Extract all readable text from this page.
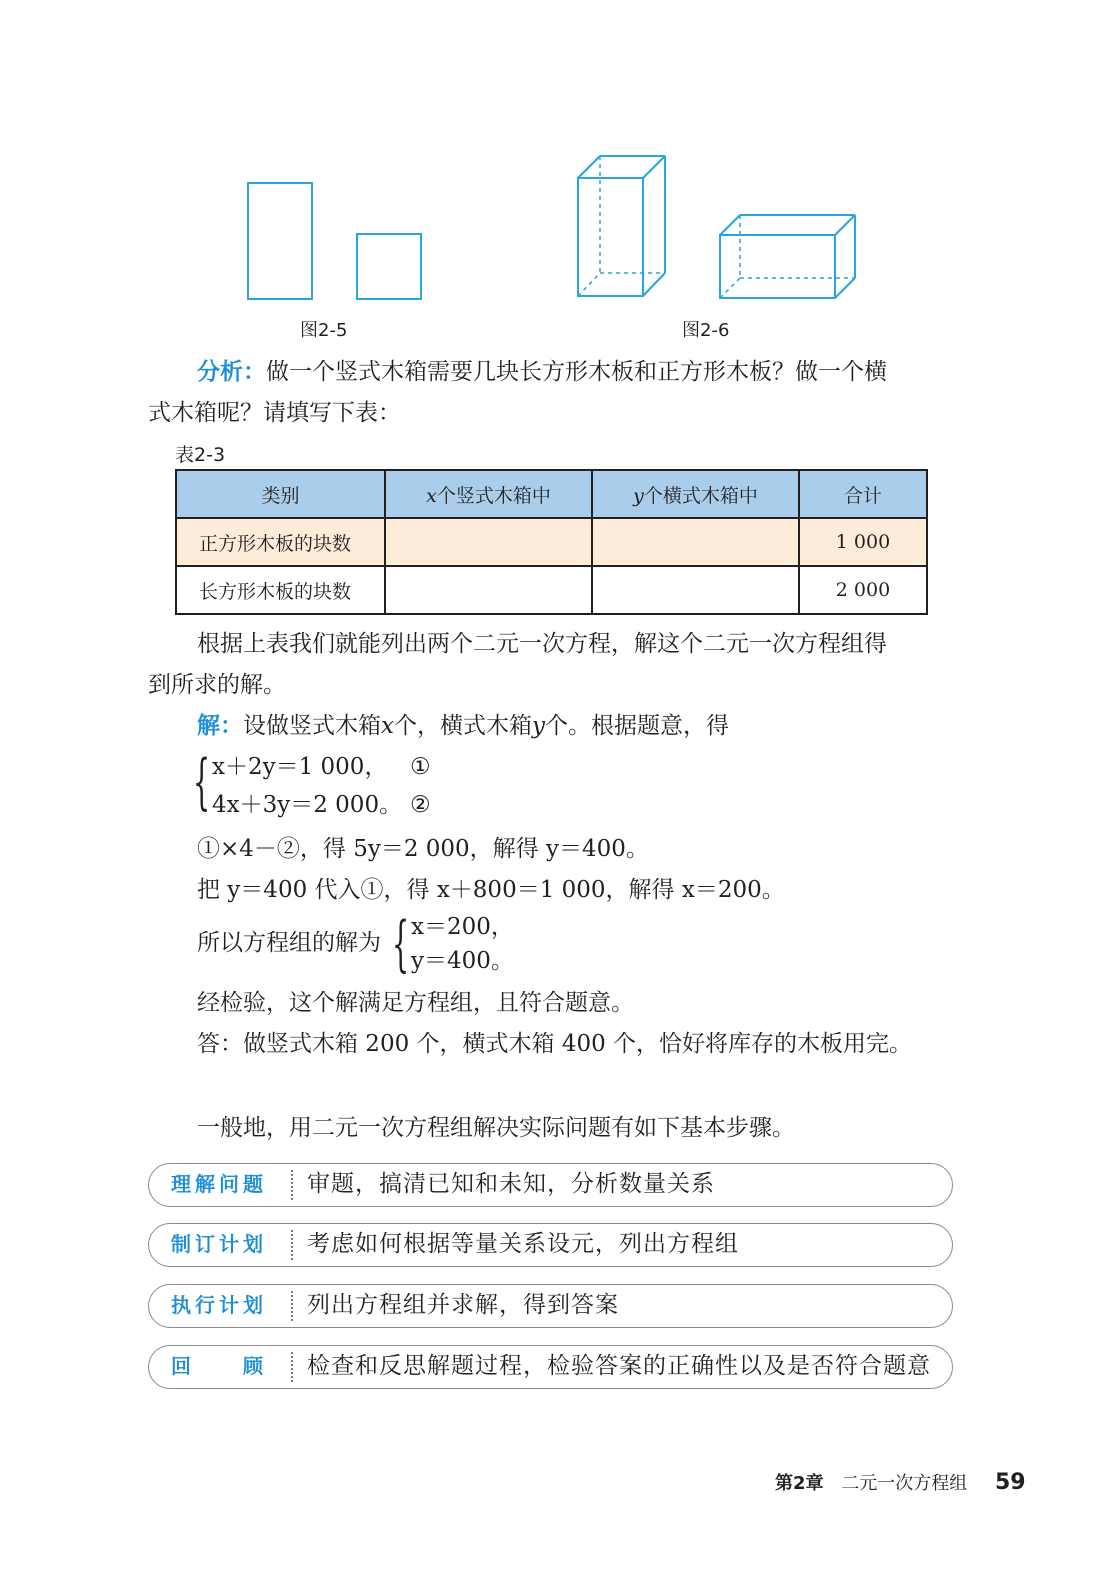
图2-5	图2-6
分析：做一个竖式木箱需要几块长方形木板和正方形木板？做一个横
式木箱呢？请填写下表：
表2-3
类别	x个竖式木箱中	y个横式木箱中	合计
正方形木板的块数			1 000
长方形木板的块数			2 000
根据上表我们就能列出两个二元一次方程，解这个二元一次方程组得
到所求的解。
解：设做竖式木箱x个，横式木箱y个。根据题意，得
{ x＋2y＝1 000， ①
4x＋3y＝2 000。 ②
①×4－②，得 5y＝2 000，解得 y＝400。
把 y＝400 代入①，得 x＋800＝1 000，解得 x＝200。
所以方程组的解为 { x＝200，
y＝400。
经检验，这个解满足方程组，且符合题意。
答：做竖式木箱 200 个，横式木箱 400 个，恰好将库存的木板用完。
一般地，用二元一次方程组解决实际问题有如下基本步骤。
理解问题	审题，搞清已知和未知，分析数量关系
制订计划	考虑如何根据等量关系设元，列出方程组
执行计划	列出方程组并求解，得到答案
回　　顾	检查和反思解题过程，检验答案的正确性以及是否符合题意
第2章 二元一次方程组 59
